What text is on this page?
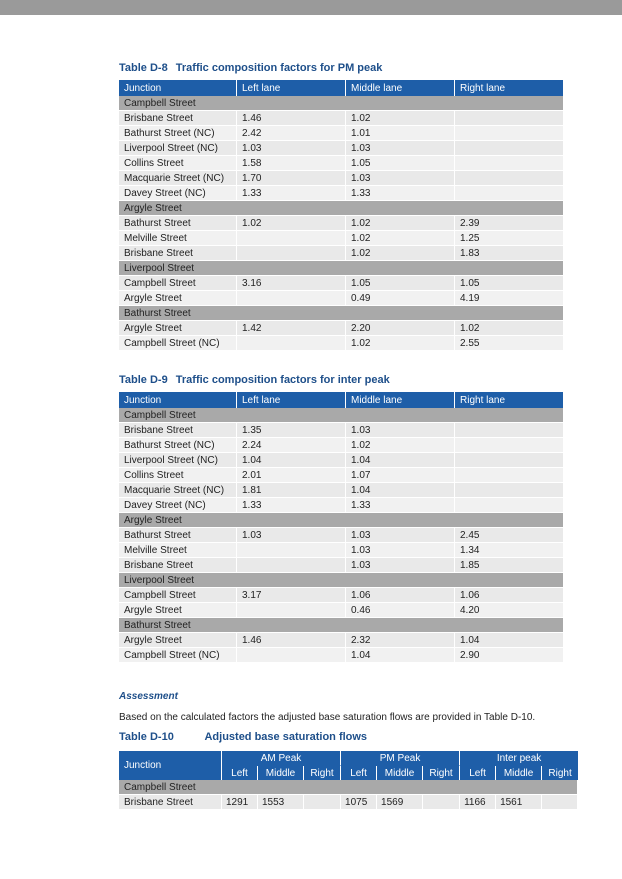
Table D-8 Traffic composition factors for PM peak
Junction	Left lane	Middle lane	Right lane
Campbell Street			
Brisbane Street	1.46	1.02	
Bathurst Street (NC)	2.42	1.01	
Liverpool Street (NC)	1.03	1.03	
Collins Street	1.58	1.05	
Macquarie Street (NC)	1.70	1.03	
Davey Street (NC)	1.33	1.33	
Argyle Street			
Bathurst Street	1.02	1.02	2.39
Melville Street		1.02	1.25
Brisbane Street		1.02	1.83
Liverpool Street			
Campbell Street	3.16	1.05	1.05
Argyle Street		0.49	4.19
Bathurst Street			
Argyle Street	1.42	2.20	1.02
Campbell Street (NC)		1.02	2.55
Table D-9 Traffic composition factors for inter peak
Junction	Left lane	Middle lane	Right lane
Campbell Street			
Brisbane Street	1.35	1.03	
Bathurst Street (NC)	2.24	1.02	
Liverpool Street (NC)	1.04	1.04	
Collins Street	2.01	1.07	
Macquarie Street (NC)	1.81	1.04	
Davey Street (NC)	1.33	1.33	
Argyle Street			
Bathurst Street	1.03	1.03	2.45
Melville Street		1.03	1.34
Brisbane Street		1.03	1.85
Liverpool Street			
Campbell Street	3.17	1.06	1.06
Argyle Street		0.46	4.20
Bathurst Street			
Argyle Street	1.46	2.32	1.04
Campbell Street (NC)		1.04	2.90
Assessment
Based on the calculated factors the adjusted base saturation flows are provided in Table D-10.
Table D-10	Adjusted base saturation flows
Junction	AM Peak			PM Peak			Inter peak		
	Left	Middle	Right	Left	Middle	Right	Left	Middle	Right
Campbell Street									
Brisbane Street	1291	1553		1075	1569		1166	1561	
